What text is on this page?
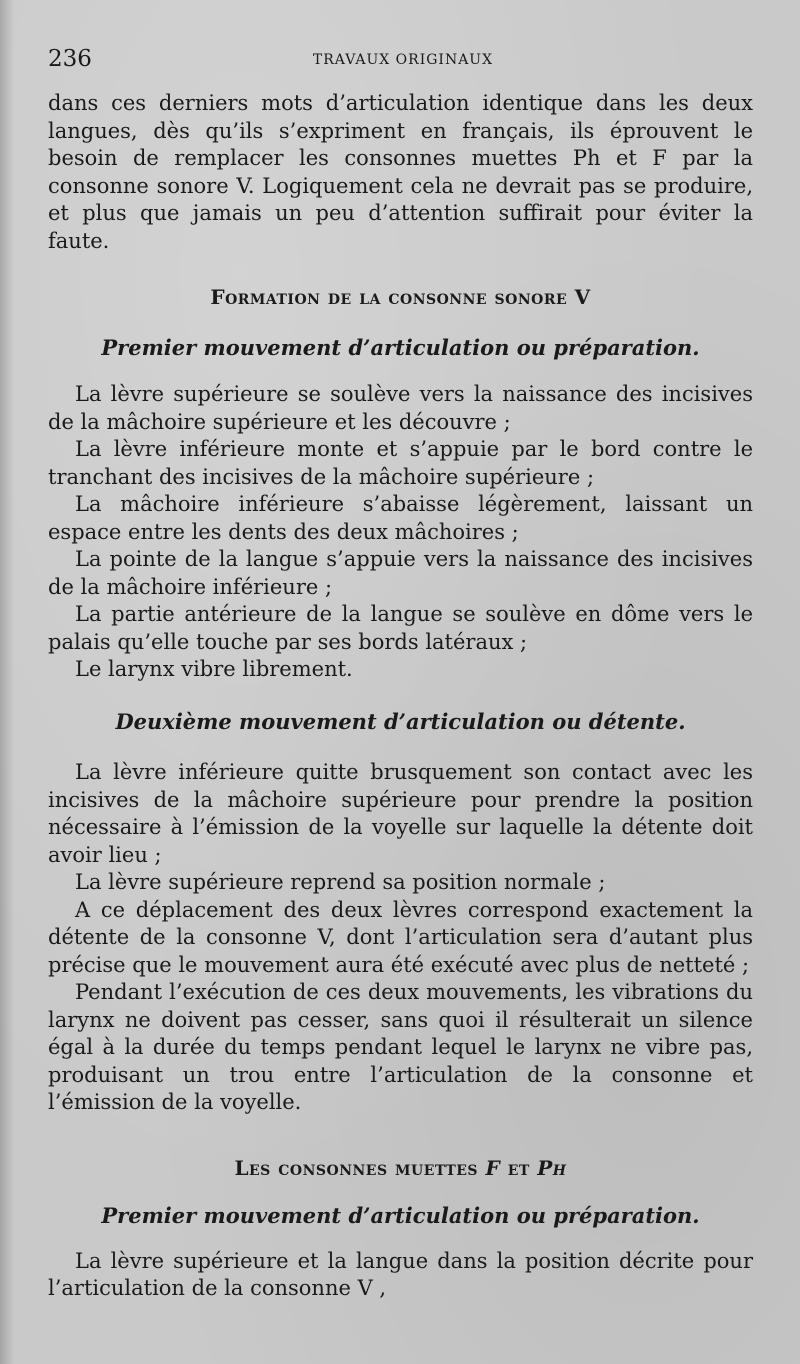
236	TRAVAUX ORIGINAUX

dans ces derniers mots d’articulation identique dans les deux langues, dès qu’ils s’expriment en français, ils éprouvent le besoin de remplacer les consonnes muettes Ph et F par la consonne sonore V. Logiquement cela ne devrait pas se produire, et plus que jamais un peu d’attention suffirait pour éviter la faute.

Formation de la consonne sonore V
Premier mouvement d’articulation ou préparation.

La lèvre supérieure se soulève vers la naissance des incisives de la mâchoire supérieure et les découvre ;

La lèvre inférieure monte et s’appuie par le bord contre le tranchant des incisives de la mâchoire supérieure ;

La mâchoire inférieure s’abaisse légèrement, laissant un espace entre les dents des deux mâchoires ;

La pointe de la langue s’appuie vers la naissance des incisives de la mâchoire inférieure ;

La partie antérieure de la langue se soulève en dôme vers le palais qu’elle touche par ses bords latéraux ;

Le larynx vibre librement.

Deuxième mouvement d’articulation ou détente.

La lèvre inférieure quitte brusquement son contact avec les incisives de la mâchoire supérieure pour prendre la position nécessaire à l’émission de la voyelle sur laquelle la détente doit avoir lieu ;

La lèvre supérieure reprend sa position normale ;

A ce déplacement des deux lèvres correspond exactement la détente de la consonne V, dont l’articulation sera d’autant plus précise que le mouvement aura été exécuté avec plus de netteté ;

Pendant l’exécution de ces deux mouvements, les vibrations du larynx ne doivent pas cesser, sans quoi il résulterait un silence égal à la durée du temps pendant lequel le larynx ne vibre pas, produisant un trou entre l’articulation de la consonne et l’émission de la voyelle.

Les consonnes muettes F et Ph
Premier mouvement d’articulation ou préparation.

La lèvre supérieure et la langue dans la position décrite pour l’articulation de la consonne V ,
